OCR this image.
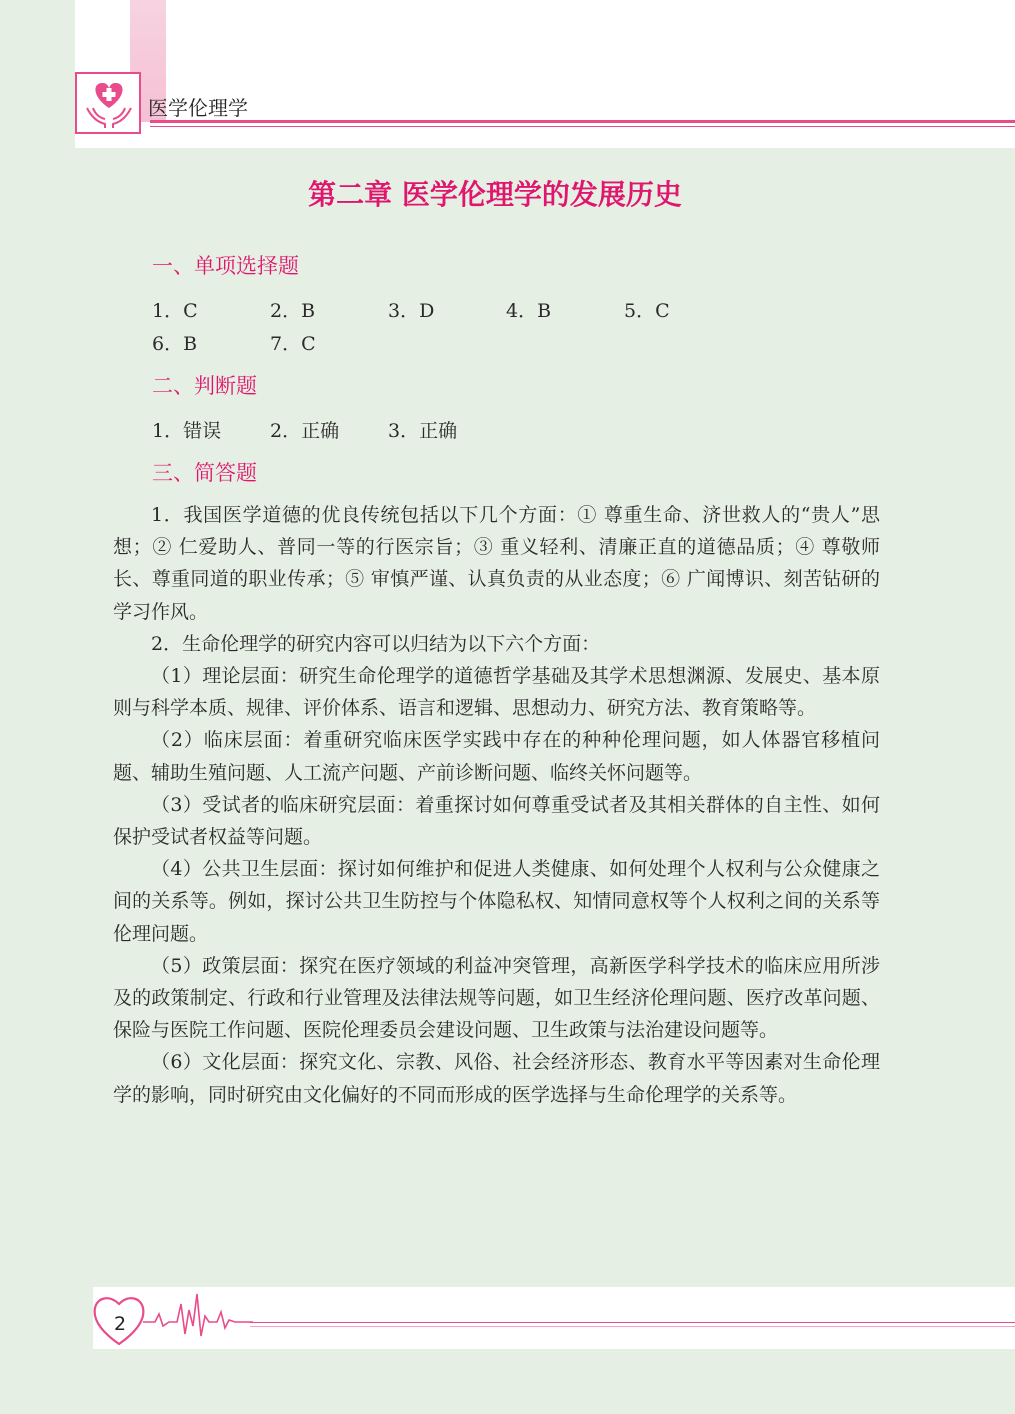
医学伦理学
第二章 医学伦理学的发展历史
一、单项选择题
1．C	2．B	3．D	4．B	5．C
6．B	7．C
二、判断题
1．错误	2．正确	3．正确
三、简答题

1．我国医学道德的优良传统包括以下几个方面：① 尊重生命、济世救人的“贵人”思想；② 仁爱助人、普同一等的行医宗旨；③ 重义轻利、清廉正直的道德品质；④ 尊敬师长、尊重同道的职业传承；⑤ 审慎严谨、认真负责的从业态度；⑥ 广闻博识、刻苦钻研的学习作风。

2．生命伦理学的研究内容可以归结为以下六个方面：

（1）理论层面：研究生命伦理学的道德哲学基础及其学术思想渊源、发展史、基本原则与科学本质、规律、评价体系、语言和逻辑、思想动力、研究方法、教育策略等。

（2）临床层面：着重研究临床医学实践中存在的种种伦理问题，如人体器官移植问题、辅助生殖问题、人工流产问题、产前诊断问题、临终关怀问题等。

（3）受试者的临床研究层面：着重探讨如何尊重受试者及其相关群体的自主性、如何保护受试者权益等问题。

（4）公共卫生层面：探讨如何维护和促进人类健康、如何处理个人权利与公众健康之间的关系等。例如，探讨公共卫生防控与个体隐私权、知情同意权等个人权利之间的关系等伦理问题。

（5）政策层面：探究在医疗领域的利益冲突管理，高新医学科学技术的临床应用所涉及的政策制定、行政和行业管理及法律法规等问题，如卫生经济伦理问题、医疗改革问题、保险与医院工作问题、医院伦理委员会建设问题、卫生政策与法治建设问题等。

（6）文化层面：探究文化、宗教、风俗、社会经济形态、教育水平等因素对生命伦理学的影响，同时研究由文化偏好的不同而形成的医学选择与生命伦理学的关系等。

2
